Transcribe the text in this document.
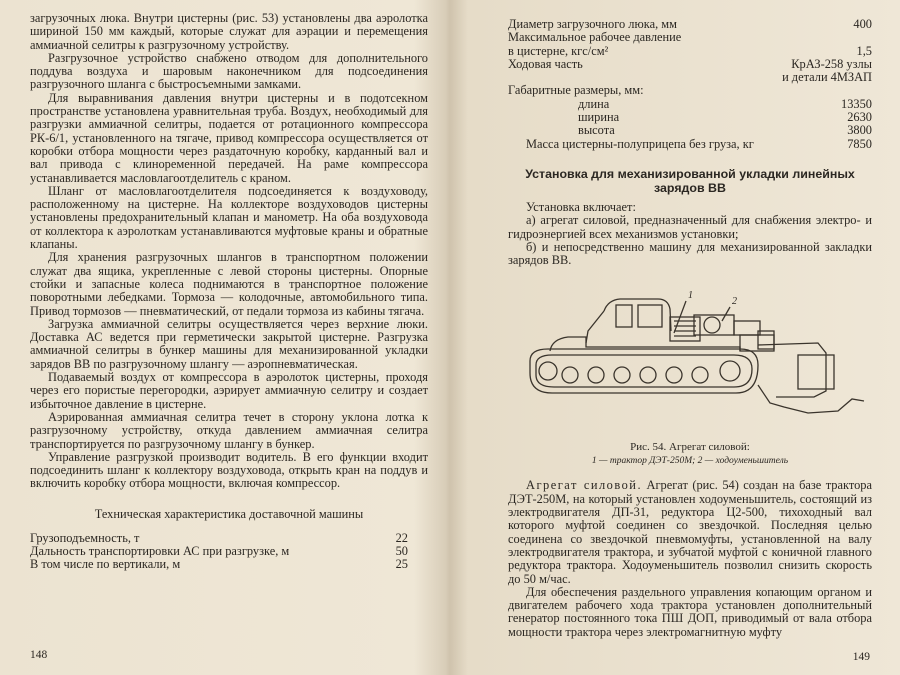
загрузочных люка. Внутри цистерны (рис. 53) установлены два аэролотка шириной 150 мм каждый, которые служат для аэрации и перемещения аммиачной селитры к разгрузочному устройству.

Разгрузочное устройство снабжено отводом для дополнительного поддува воздуха и шаровым наконечником для подсоединения разгрузочного шланга с быстросъемными замками.

Для выравнивания давления внутри цистерны и в подотсекном пространстве установлена уравнительная труба. Воздух, необходимый для разгрузки аммиачной селитры, подается от ротационного компрессора РК-6/1, установленного на тягаче, привод компрессора осуществляется от коробки отбора мощности через раздаточную коробку, карданный вал и вал привода с клиноременной передачей. На раме компрессора устанавливается масловлагоотделитель с краном.

Шланг от масловлагоотделителя подсоединяется к воздуховоду, расположенному на цистерне. На коллекторе воздуховодов цистерны установлены предохранительный клапан и манометр. На оба воздуховода от коллектора к аэролоткам устанавливаются муфтовые краны и обратные клапаны.

Для хранения разгрузочных шлангов в транспортном положении служат два ящика, укрепленные с левой стороны цистерны. Опорные стойки и запасные колеса поднимаются в транспортное положение поворотными лебедками. Тормоза — колодочные, автомобильного типа. Привод тормозов — пневматический, от педали тормоза из кабины тягача.

Загрузка аммиачной селитры осуществляется через верхние люки. Доставка АС ведется при герметически закрытой цистерне. Разгрузка аммиачной селитры в бункер машины для механизированной укладки зарядов ВВ по разгрузочному шлангу — аэропневматическая.

Подаваемый воздух от компрессора в аэролоток цистерны, проходя через его пористые перегородки, аэрирует аммиачную селитру и создает избыточное давление в цистерне.

Аэрированная аммиачная селитра течет в сторону уклона лотка к разгрузочному устройству, откуда давлением аммиачная селитра транспортируется по разгрузочному шлангу в бункер.

Управление разгрузкой производит водитель. В его функции входит подсоединить шланг к коллектору воздуховода, открыть кран на поддув и включить коробку отбора мощности, включая компрессор.

Техническая характеристика доставочной машины
Грузоподъемность, т	22
Дальность транспортировки АС при разгрузке, м	50
В том числе по вертикали, м	25
148
Диаметр загрузочного люка, мм	400
Максимальное рабочее давление	
в цистерне, кгс/см²	1,5
Ходовая часть	КрАЗ-258 узлы
	и детали 4МЗАП
Габаритные размеры, мм:	
длина	13350
ширина	2630
высота	3800
Масса цистерны-полуприцепа без груза, кг	7850
Установка для механизированной укладки линейных зарядов ВВ

Установка включает:

а) агрегат силовой, предназначенный для снабжения электро- и гидроэнергией всех механизмов установки;

б) и непосредственно машину для механизированной закладки зарядов ВВ.

1
2
Рис. 54. Агрегат силовой:
1 — трактор ДЭТ-250М; 2 — ходоуменьшитель

Агрегат силовой. Агрегат (рис. 54) создан на базе трактора ДЭТ-250М, на который установлен ходоуменьшитель, состоящий из электродвигателя ДП-31, редуктора Ц2-500, тихоходный вал которого муфтой соединен со звездочкой. Последняя целью соединена со звездочкой пневмомуфты, установленной на валу электродвигателя трактора, и зубчатой муфтой с коничной главного редуктора трактора. Ходоуменьшитель позволил снизить скорость до 50 м/час.

Для обеспечения раздельного управления копающим органом и двигателем рабочего хода трактора установлен дополнительный генератор постоянного тока ПШ ДОП, приводимый от вала отбора мощности трактора через электромагнитную муфту

149
